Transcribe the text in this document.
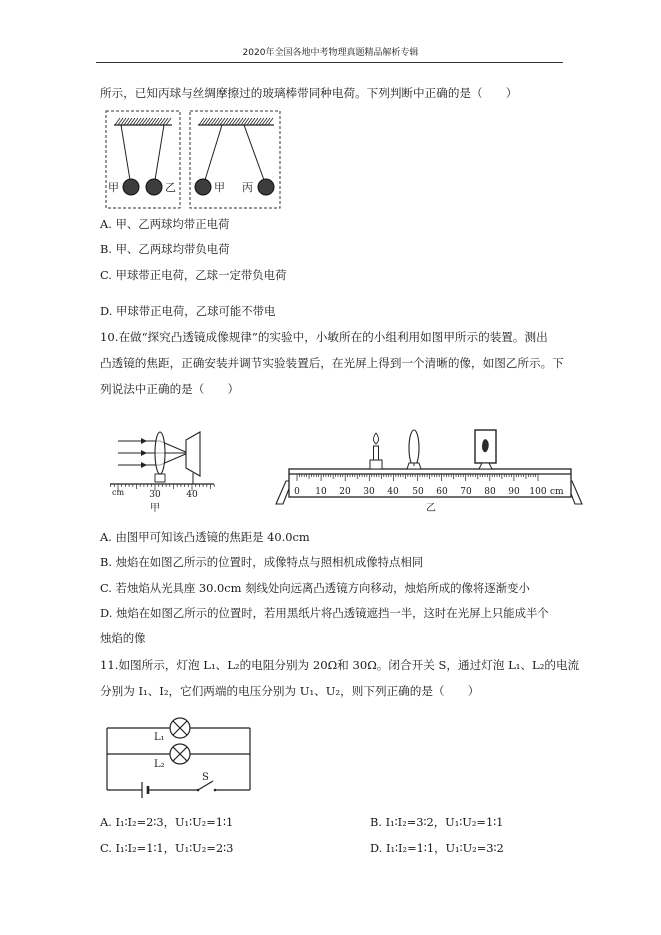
2020年全国各地中考物理真题精品解析专辑
所示，已知丙球与丝绸摩擦过的玻璃棒带同种电荷。下列判断中正确的是（　　）
A. 甲、乙两球均带正电荷
B. 甲、乙两球均带负电荷
C. 甲球带正电荷，乙球一定带负电荷
D. 甲球带正电荷，乙球可能不带电
10.在做“探究凸透镜成像规律”的实验中，小敏所在的小组利用如图甲所示的装置。测出
凸透镜的焦距，正确安装并调节实验装置后，在光屏上得到一个清晰的像，如图乙所示。下
列说法中正确的是（　　）
A. 由图甲可知该凸透镜的焦距是 40.0cm
B. 烛焰在如图乙所示的位置时，成像特点与照相机成像特点相同
C. 若烛焰从光具座 30.0cm 刻线处向远离凸透镜方向移动，烛焰所成的像将逐渐变小
D. 烛焰在如图乙所示的位置时，若用黑纸片将凸透镜遮挡一半，这时在光屏上只能成半个
烛焰的像
11.如图所示，灯泡 L₁、L₂的电阻分别为 20Ω和 30Ω。闭合开关 S，通过灯泡 L₁、L₂的电流
分别为 I₁、I₂，它们两端的电压分别为 U₁、U₂，则下列正确的是（　　）
A. I₁∶I₂=2∶3，U₁∶U₂=1∶1	B. I₁∶I₂=3∶2，U₁∶U₂=1∶1
C. I₁∶I₂=1∶1，U₁∶U₂=2∶3	D. I₁∶I₂=1∶1，U₁∶U₂=3∶2
甲	乙	甲 丙
cm	30	40
甲
0 10 20 30 40 50 60 70 80 90 100 cm
乙
L₁
L₂
S
